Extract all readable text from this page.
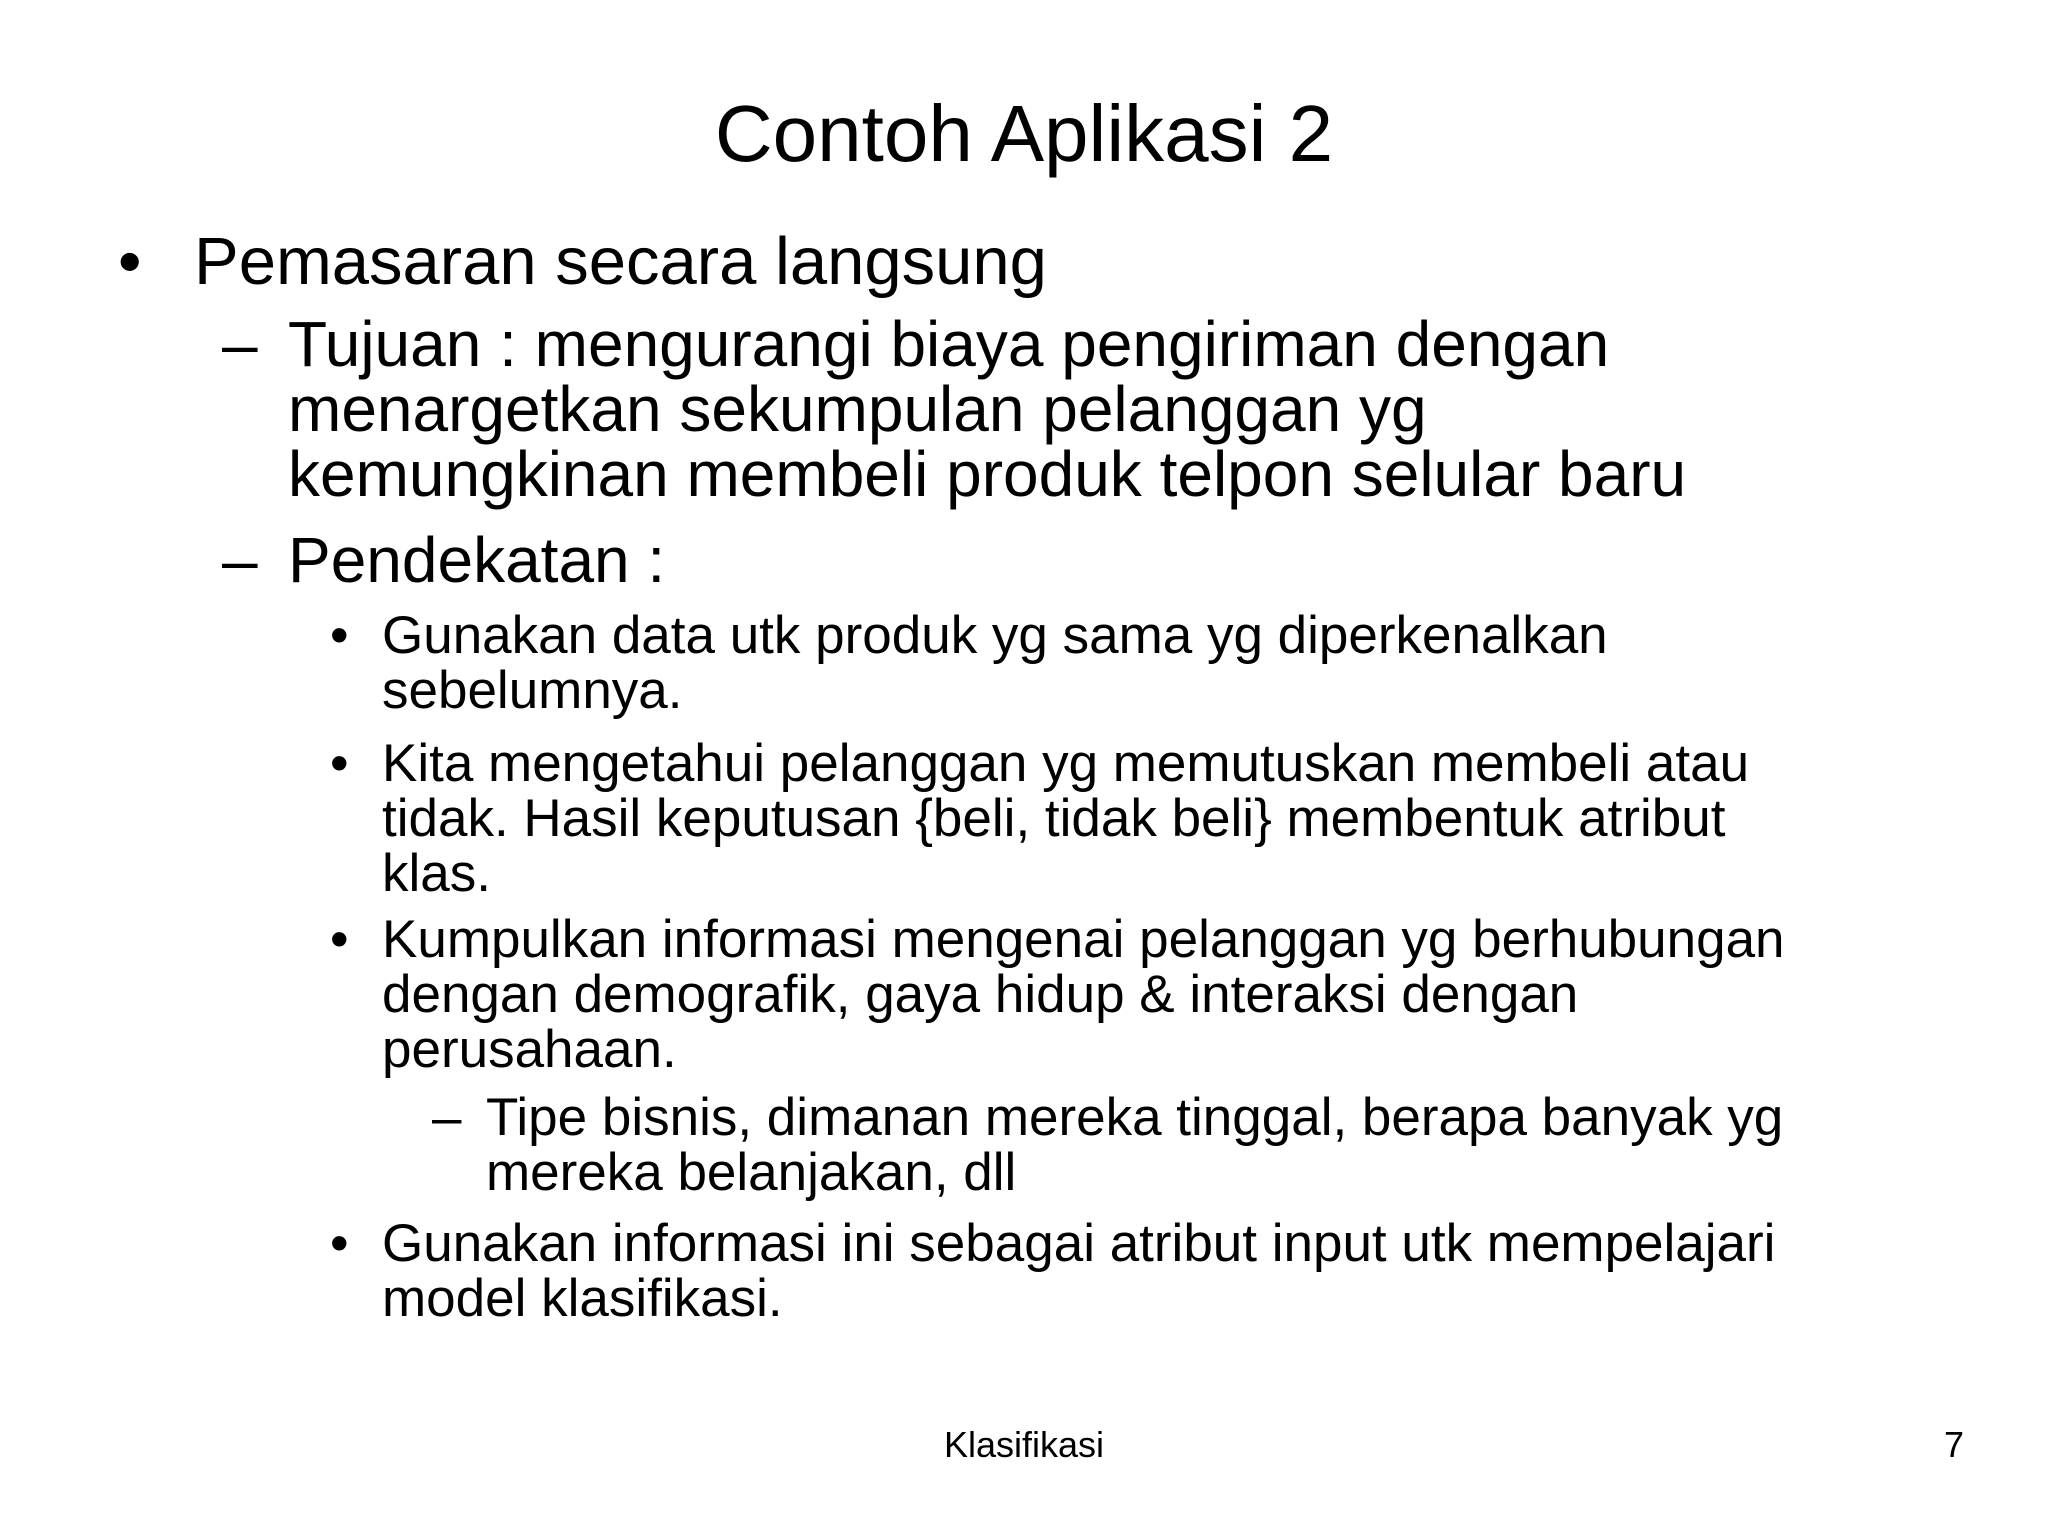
Contoh Aplikasi 2
• Pemasaran secara langsung
– Tujuan : mengurangi biaya pengiriman dengan
menargetkan sekumpulan pelanggan yg
kemungkinan membeli produk telpon selular baru
– Pendekatan :
• Gunakan data utk produk yg sama yg diperkenalkan
sebelumnya.
• Kita mengetahui pelanggan yg memutuskan membeli atau
tidak. Hasil keputusan {beli, tidak beli} membentuk atribut
klas.
• Kumpulkan informasi mengenai pelanggan yg berhubungan
dengan demografik, gaya hidup & interaksi dengan
perusahaan.
– Tipe bisnis, dimanan mereka tinggal, berapa banyak yg
mereka belanjakan, dll
• Gunakan informasi ini sebagai atribut input utk mempelajari
model klasifikasi.
Klasifikasi	7
